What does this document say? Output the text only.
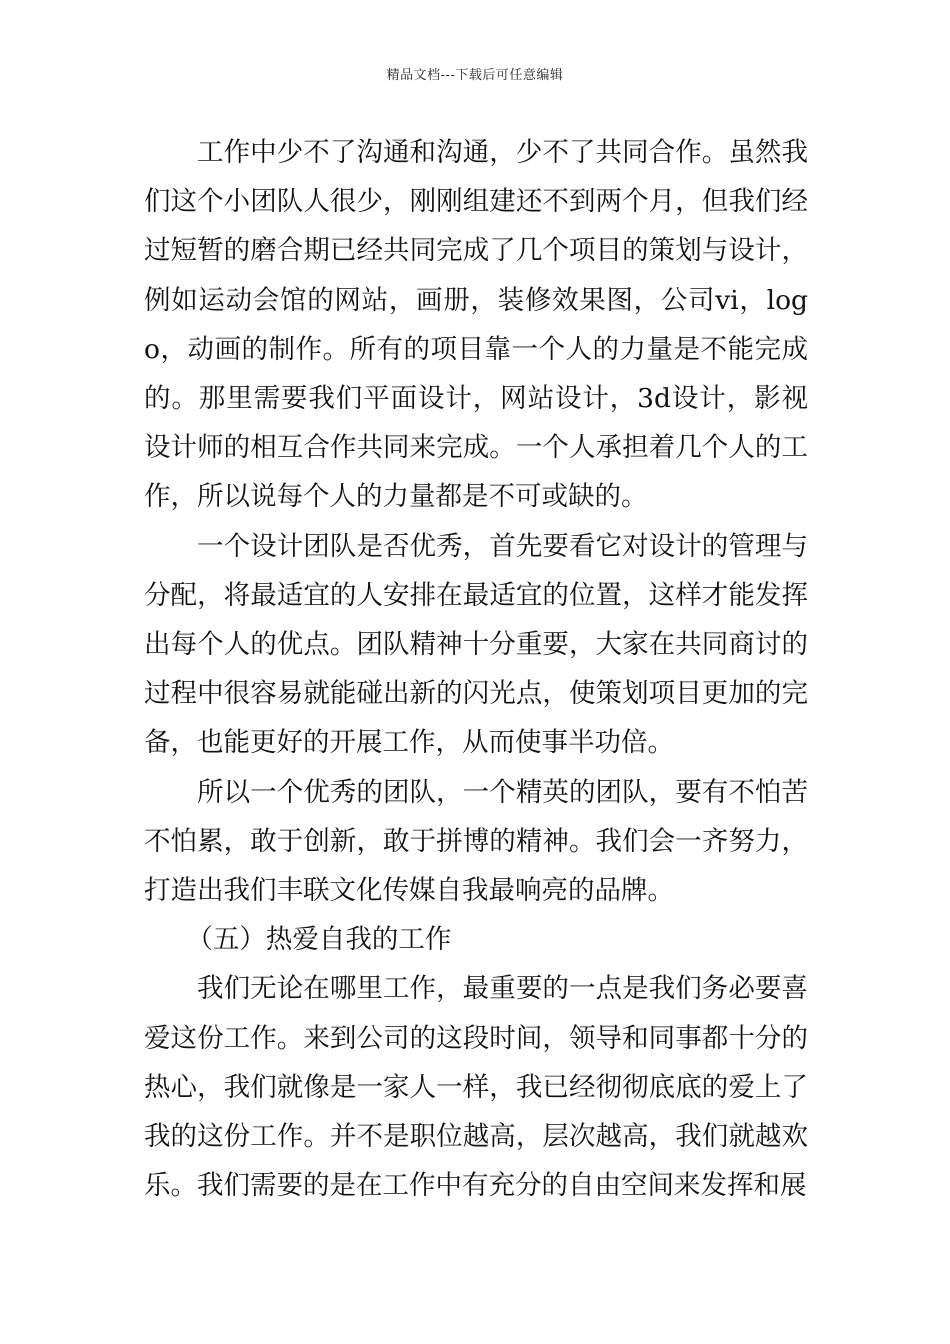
精品文档---下载后可任意编辑

工作中少不了沟通和沟通，少不了共同合作。虽然我们这个小团队人很少，刚刚组建还不到两个月，但我们经过短暂的磨合期已经共同完成了几个项目的策划与设计，例如运动会馆的网站，画册，装修效果图，公司vi，logo，动画的制作。所有的项目靠一个人的力量是不能完成的。那里需要我们平面设计，网站设计，3d设计，影视设计师的相互合作共同来完成。一个人承担着几个人的工作，所以说每个人的力量都是不可或缺的。

一个设计团队是否优秀，首先要看它对设计的管理与分配，将最适宜的人安排在最适宜的位置，这样才能发挥出每个人的优点。团队精神十分重要，大家在共同商讨的过程中很容易就能碰出新的闪光点，使策划项目更加的完备，也能更好的开展工作，从而使事半功倍。

所以一个优秀的团队，一个精英的团队，要有不怕苦不怕累，敢于创新，敢于拼博的精神。我们会一齐努力，打造出我们丰联文化传媒自我最响亮的品牌。

（五）热爱自我的工作

我们无论在哪里工作，最重要的一点是我们务必要喜爱这份工作。来到公司的这段时间，领导和同事都十分的热心，我们就像是一家人一样，我已经彻彻底底的爱上了我的这份工作。并不是职位越高，层次越高，我们就越欢乐。我们需要的是在工作中有充分的自由空间来发挥和展
